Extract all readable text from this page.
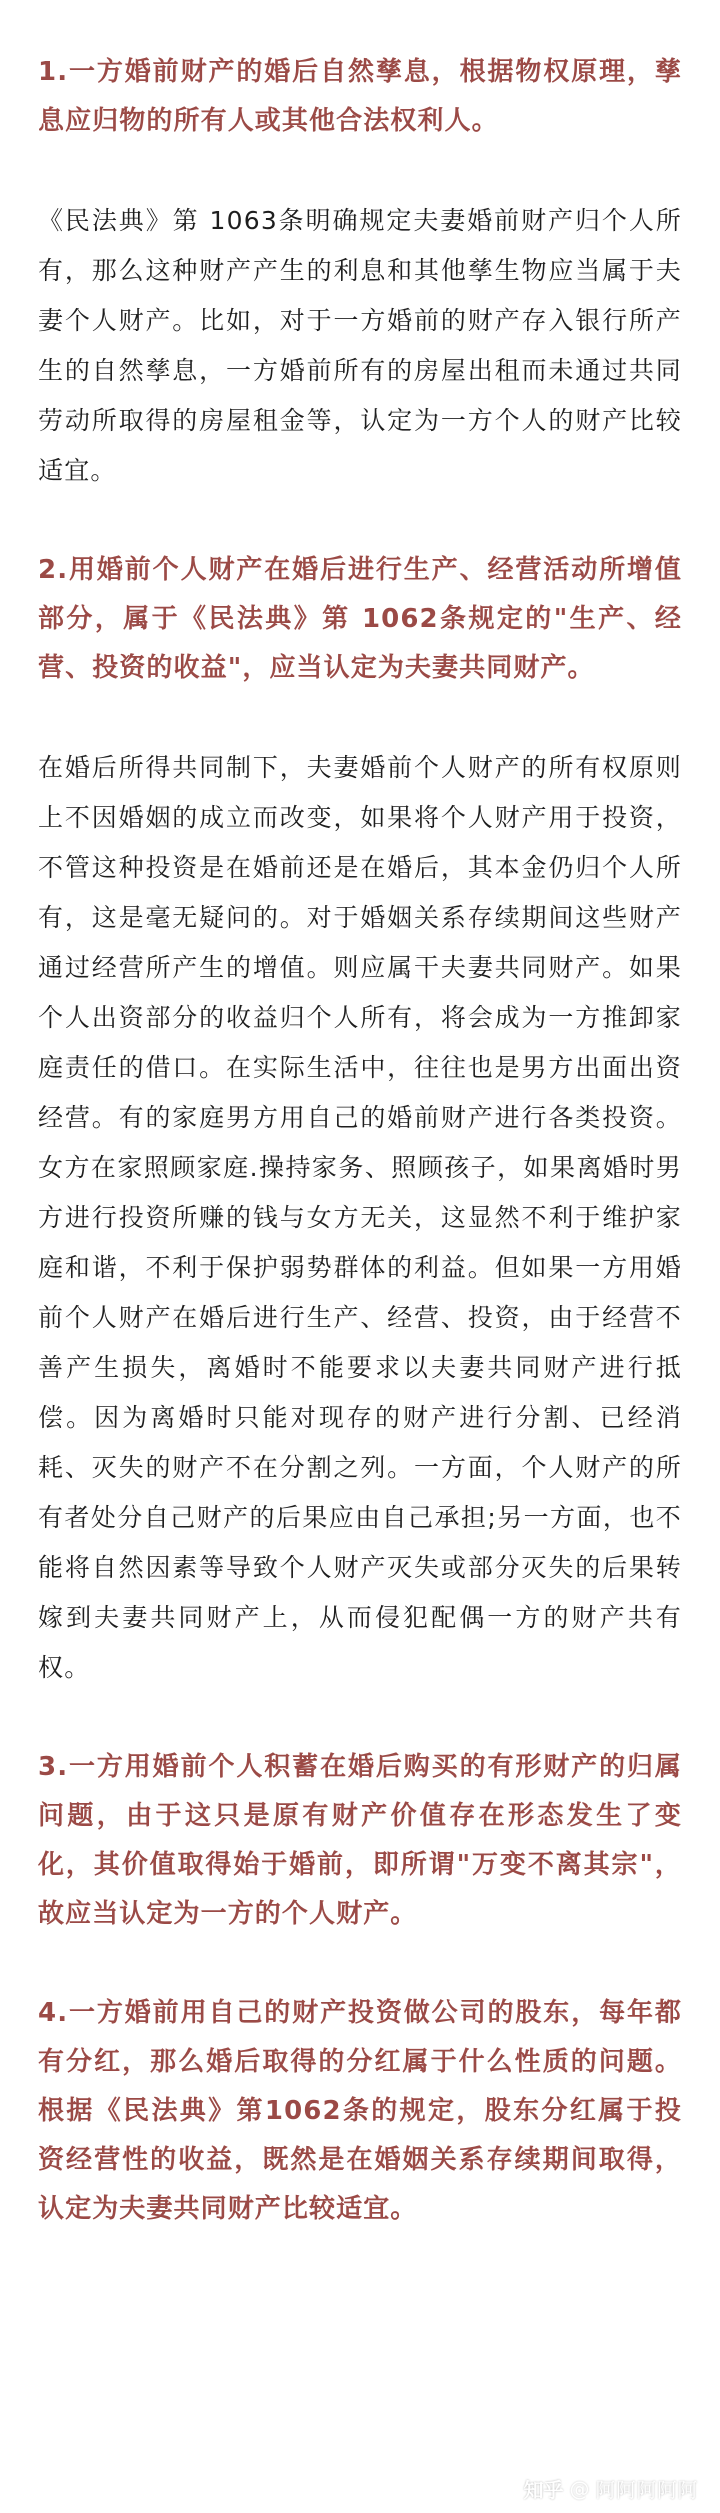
1.一方婚前财产的婚后自然孳息，根据物权原理，孳息应归物的所有人或其他合法权利人。

《民法典》第 1063条明确规定夫妻婚前财产归个人所有，那么这种财产产生的利息和其他孳生物应当属于夫妻个人财产。比如，对于一方婚前的财产存入银行所产生的自然孳息，一方婚前所有的房屋出租而未通过共同劳动所取得的房屋租金等，认定为一方个人的财产比较适宜。

2.用婚前个人财产在婚后进行生产、经营活动所增值部分，属于《民法典》第 1062条规定的"生产、经营、投资的收益"，应当认定为夫妻共同财产。

在婚后所得共同制下，夫妻婚前个人财产的所有权原则上不因婚姻的成立而改变，如果将个人财产用于投资，不管这种投资是在婚前还是在婚后，其本金仍归个人所有，这是毫无疑问的。对于婚姻关系存续期间这些财产通过经营所产生的增值。则应属干夫妻共同财产。如果个人出资部分的收益归个人所有，将会成为一方推卸家庭责任的借口。在实际生活中，往往也是男方出面出资经营。有的家庭男方用自己的婚前财产进行各类投资。女方在家照顾家庭.操持家务、照顾孩子，如果离婚时男方进行投资所赚的钱与女方无关，这显然不利于维护家庭和谐，不利于保护弱势群体的利益。但如果一方用婚前个人财产在婚后进行生产、经营、投资，由于经营不善产生损失，离婚时不能要求以夫妻共同财产进行抵偿。因为离婚时只能对现存的财产进行分割、已经消耗、灭失的财产不在分割之列。一方面，个人财产的所有者处分自己财产的后果应由自己承担;另一方面，也不能将自然因素等导致个人财产灭失或部分灭失的后果转嫁到夫妻共同财产上，从而侵犯配偶一方的财产共有权。

3.一方用婚前个人积蓄在婚后购买的有形财产的归属问题，由于这只是原有财产价值存在形态发生了变化，其价值取得始于婚前，即所谓"万变不离其宗"，故应当认定为一方的个人财产。

4.一方婚前用自己的财产投资做公司的股东，每年都有分红，那么婚后取得的分红属于什么性质的问题。根据《民法典》第1062条的规定，股东分红属于投资经营性的收益，既然是在婚姻关系存续期间取得，认定为夫妻共同财产比较适宜。

知乎 @ 阿阿阿阿阿
